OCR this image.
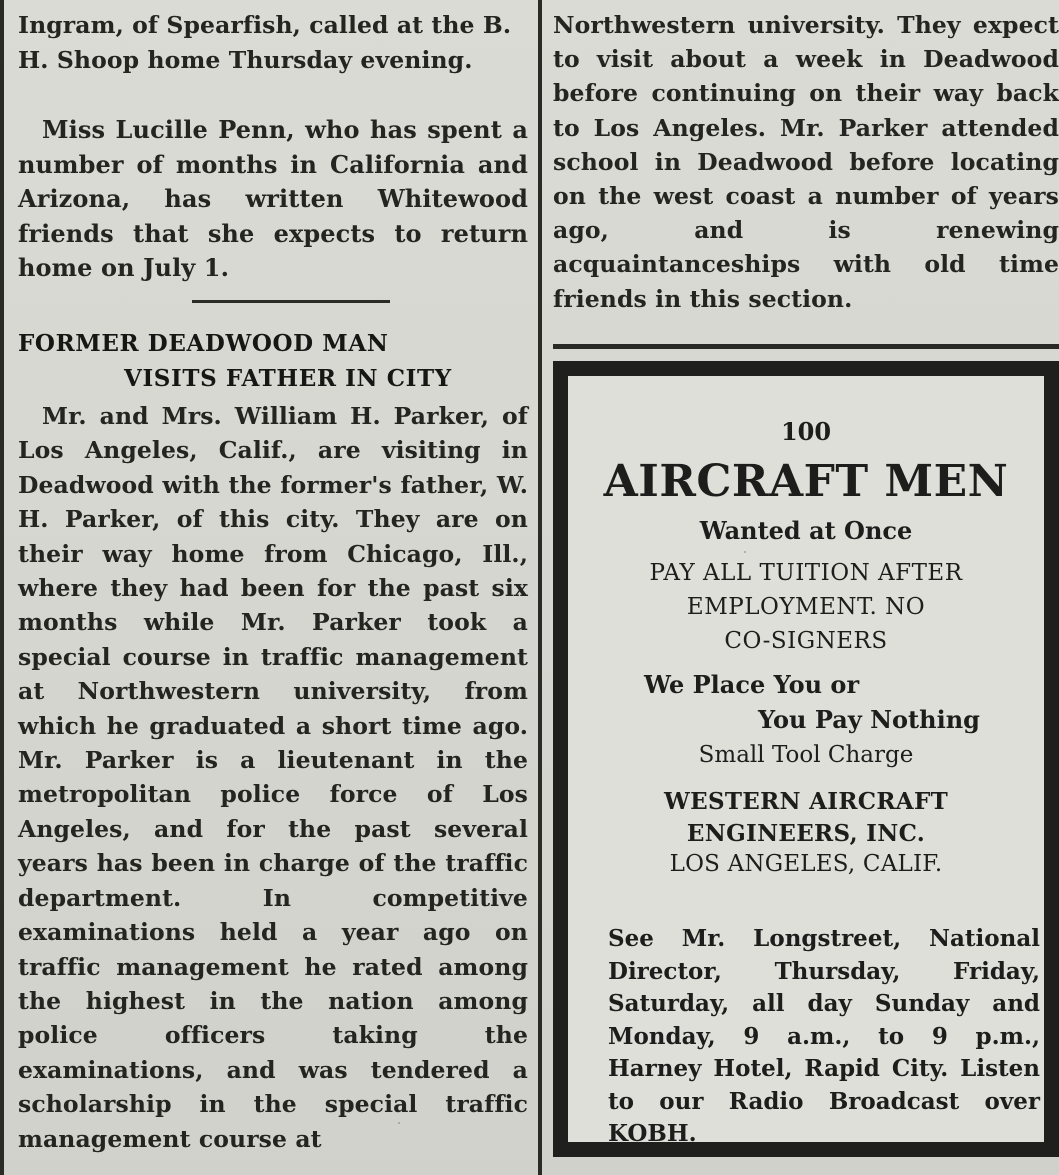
Ingram, of Spearfish, called at the B. H. Shoop home Thursday evening.

Miss Lucille Penn, who has spent a number of months in California and Arizona, has written Whitewood friends that she expects to return home on July 1.

FORMER DEADWOOD MAN
VISITS FATHER IN CITY

Mr. and Mrs. William H. Parker, of Los Angeles, Calif., are visiting in Deadwood with the former's father, W. H. Parker, of this city. They are on their way home from Chicago, Ill., where they had been for the past six months while Mr. Parker took a special course in traffic management at Northwestern university, from which he graduated a short time ago. Mr. Parker is a lieutenant in the metropolitan police force of Los Angeles, and for the past several years has been in charge of the traffic department. In competitive examinations held a year ago on traffic management he rated among the highest in the nation among police officers taking the examinations, and was tendered a scholarship in the special traffic management course at

Northwestern university. They expect to visit about a week in Deadwood before continuing on their way back to Los Angeles. Mr. Parker attended school in Deadwood before locating on the west coast a number of years ago, and is renewing acquaintanceships with old time friends in this section.

100
AIRCRAFT MEN
Wanted at Once
PAY ALL TUITION AFTER
EMPLOYMENT. NO
CO-SIGNERS
We Place You or
You Pay Nothing
Small Tool Charge
WESTERN AIRCRAFT
ENGINEERS, INC.
LOS ANGELES, CALIF.

See Mr. Longstreet, National Director, Thursday, Friday, Saturday, all day Sunday and Monday, 9 a.m., to 9 p.m., Harney Hotel, Rapid City. Listen to our Radio Broadcast over KOBH.
